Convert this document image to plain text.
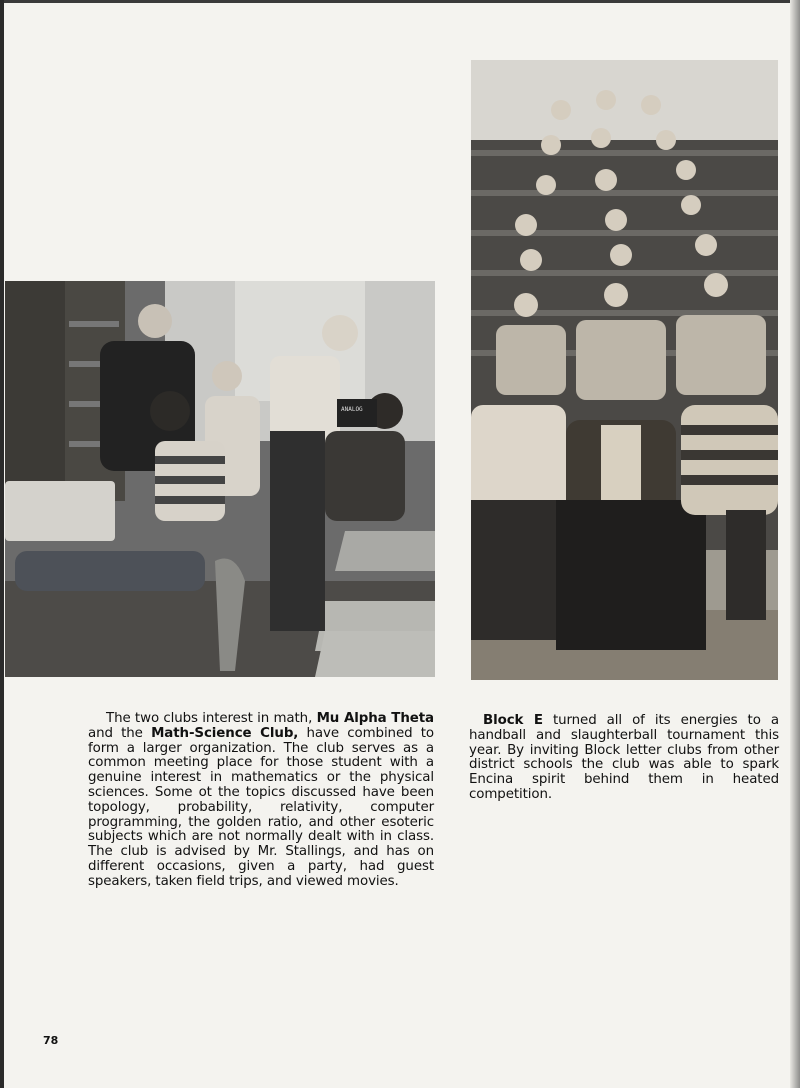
ANALOG
The two clubs interest in math, Mu Alpha Theta and the Math-Science Club, have combined to form a larger organization. The club serves as a common meeting place for those student with a genuine interest in mathematics or the physical sciences. Some ot the topics discussed have been topology, probability, relativity, computer programming, the golden ratio, and other esoteric subjects which are not normally dealt with in class. The club is advised by Mr. Stallings, and has on different occasions, given a party, had guest speakers, taken field trips, and viewed movies.
Block E turned all of its energies to a handball and slaughterball tournament this year. By inviting Block letter clubs from other district schools the club was able to spark Encina spirit behind them in heated competition.
78
